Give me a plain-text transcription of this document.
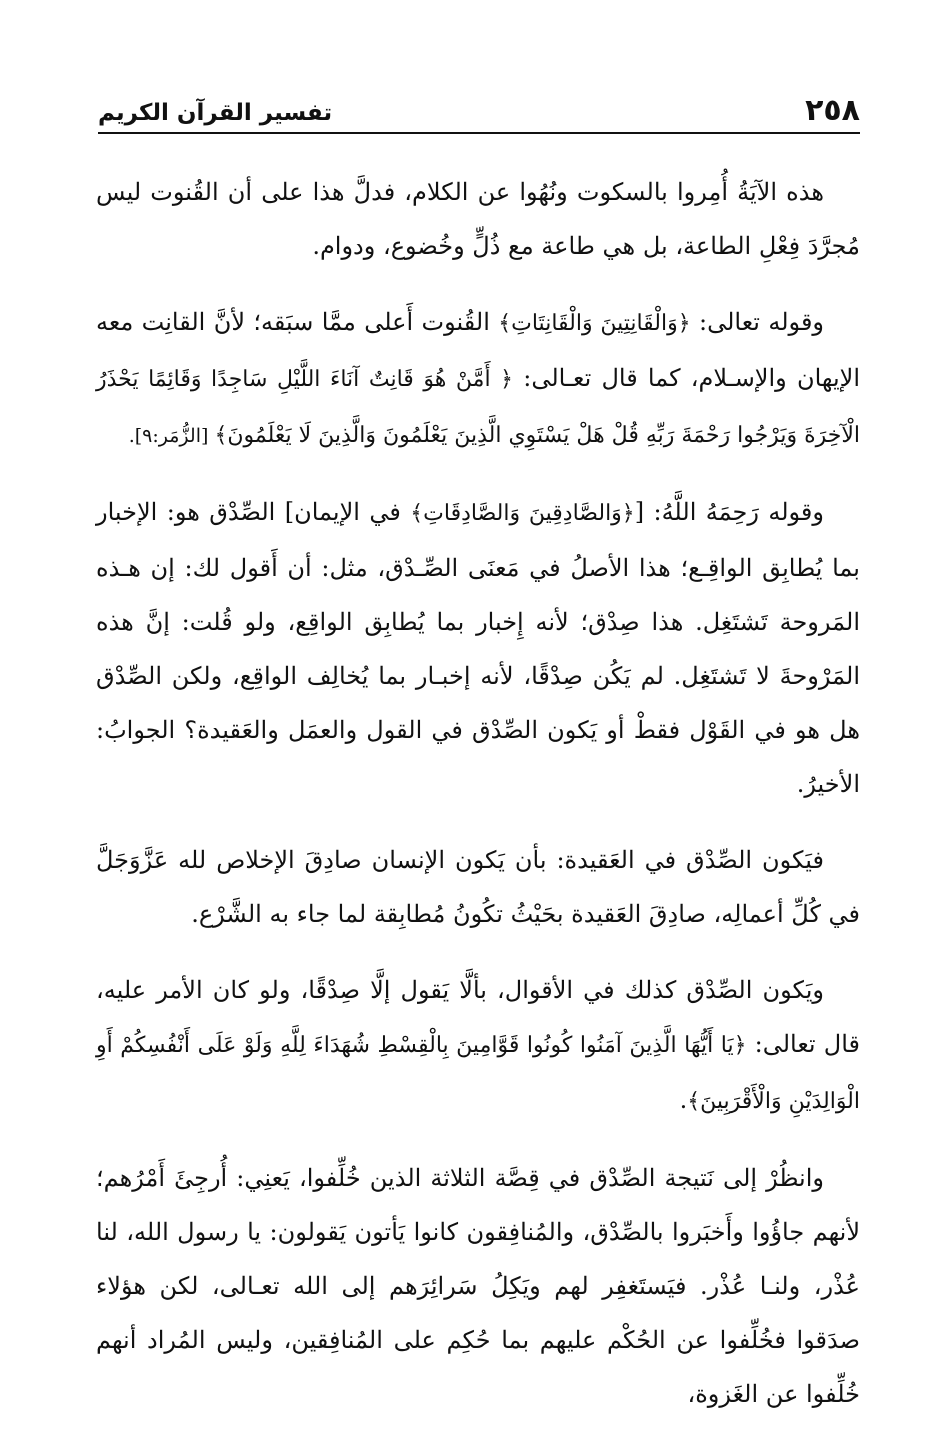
٢٥٨
تفسير القرآن الكريم

هذه الآيَةُ أُمِروا بالسكوت ونُهُوا عن الكلام، فدلَّ هذا على أن القُنوت ليس مُجرَّدَ فِعْلِ الطاعة، بل هي طاعة مع ذُلٍّ وخُضوع، ودوام.

وقوله تعالى: ﴿وَالْقَانِتِينَ وَالْقَانِتَاتِ﴾ القُنوت أَعلى ممَّا سبَقه؛ لأنَّ القانِت معه الإيهان والإسـلام، كما قال تعـالى: ﴿ أَمَّنْ هُوَ قَانِتٌ آنَاءَ اللَّيْلِ سَاجِدًا وَقَائِمًا يَحْذَرُ الْآخِرَةَ وَيَرْجُوا رَحْمَةَ رَبِّهِ قُلْ هَلْ يَسْتَوِي الَّذِينَ يَعْلَمُونَ وَالَّذِينَ لَا يَعْلَمُونَ﴾ [الزُّمَر:٩].

وقوله رَحِمَهُ اللَّهُ: [﴿وَالصَّادِقِينَ وَالصَّادِقَاتِ﴾ في الإيمان] الصِّدْق هو: الإخبار بما يُطابِق الواقِـع؛ هذا الأصلُ في مَعنَى الصِّـدْق، مثل: أن أَقول لك: إن هـذه المَروحة تَشتَغِل. هذا صِدْق؛ لأنه إِخبار بما يُطابِق الواقِع، ولو قُلت: إنَّ هذه المَرْوحةَ لا تَشتَغِل. لم يَكُن صِدْقًا، لأنه إخبـار بما يُخالِف الواقِع، ولكن الصِّدْق هل هو في القَوْل فقطْ أو يَكون الصِّدْق في القول والعمَل والعَقيدة؟ الجوابُ: الأخيرُ.

فيَكون الصِّدْق في العَقيدة: بأن يَكون الإنسان صادِقَ الإخلاص لله عَزَّوَجَلَّ في كُلِّ أعمالِه، صادِقَ العَقيدة بحَيْثُ تكُونُ مُطابِقة لما جاء به الشَّرْع.

ويَكون الصِّدْق كذلك في الأقوال، بألَّا يَقول إلَّا صِدْقًا، ولو كان الأمر عليه، قال تعالى: ﴿يَا أَيُّهَا الَّذِينَ آمَنُوا كُونُوا قَوَّامِينَ بِالْقِسْطِ شُهَدَاءَ لِلَّهِ وَلَوْ عَلَى أَنْفُسِكُمْ أَوِ الْوَالِدَيْنِ وَالْأَقْرَبِينَ﴾.

وانظُرْ إلى نَتيجة الصِّدْق في قِصَّة الثلاثة الذين خُلِّفوا، يَعنِي: أُرجِئَ أَمْرُهم؛ لأنهم جاؤُوا وأَخبَروا بالصِّدْق، والمُنافِقون كانوا يَأتون يَقولون: يا رسول الله، لنا عُذْر، ولنـا عُذْر. فيَستَغفِر لهم ويَكِلُ سَرائِرَهم إلى الله تعـالى، لكن هؤلاء صدَقوا فخُلِّفوا عن الحُكْم عليهم بما حُكِم على المُنافِقين، وليس المُراد أنهم خُلِّفوا عن الغَزوة،
